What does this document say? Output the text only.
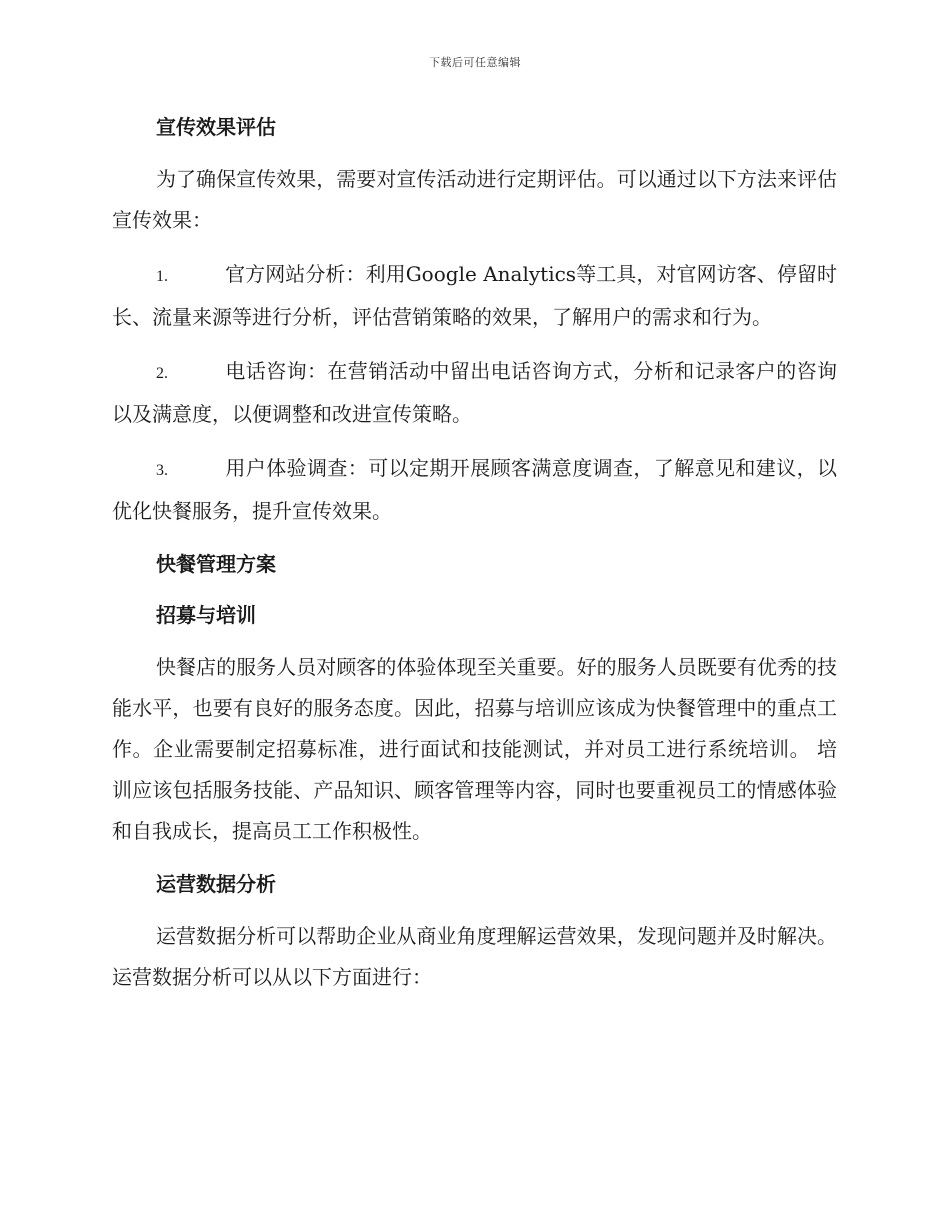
下载后可任意编辑
宣传效果评估
为了确保宣传效果，需要对宣传活动进行定期评估。可以通过以下方法来评估宣传效果：
1.	官方网站分析：利用Google Analytics等工具，对官网访客、停留时长、流量来源等进行分析，评估营销策略的效果，了解用户的需求和行为。
2.	电话咨询：在营销活动中留出电话咨询方式，分析和记录客户的咨询以及满意度，以便调整和改进宣传策略。
3.	用户体验调查：可以定期开展顾客满意度调查，了解意见和建议，以优化快餐服务，提升宣传效果。
快餐管理方案
招募与培训
快餐店的服务人员对顾客的体验体现至关重要。好的服务人员既要有优秀的技能水平，也要有良好的服务态度。因此，招募与培训应该成为快餐管理中的重点工作。企业需要制定招募标准，进行面试和技能测试，并对员工进行系统培训。 培训应该包括服务技能、产品知识、顾客管理等内容，同时也要重视员工的情感体验和自我成长，提高员工工作积极性。
运营数据分析
运营数据分析可以帮助企业从商业角度理解运营效果，发现问题并及时解决。运营数据分析可以从以下方面进行：
